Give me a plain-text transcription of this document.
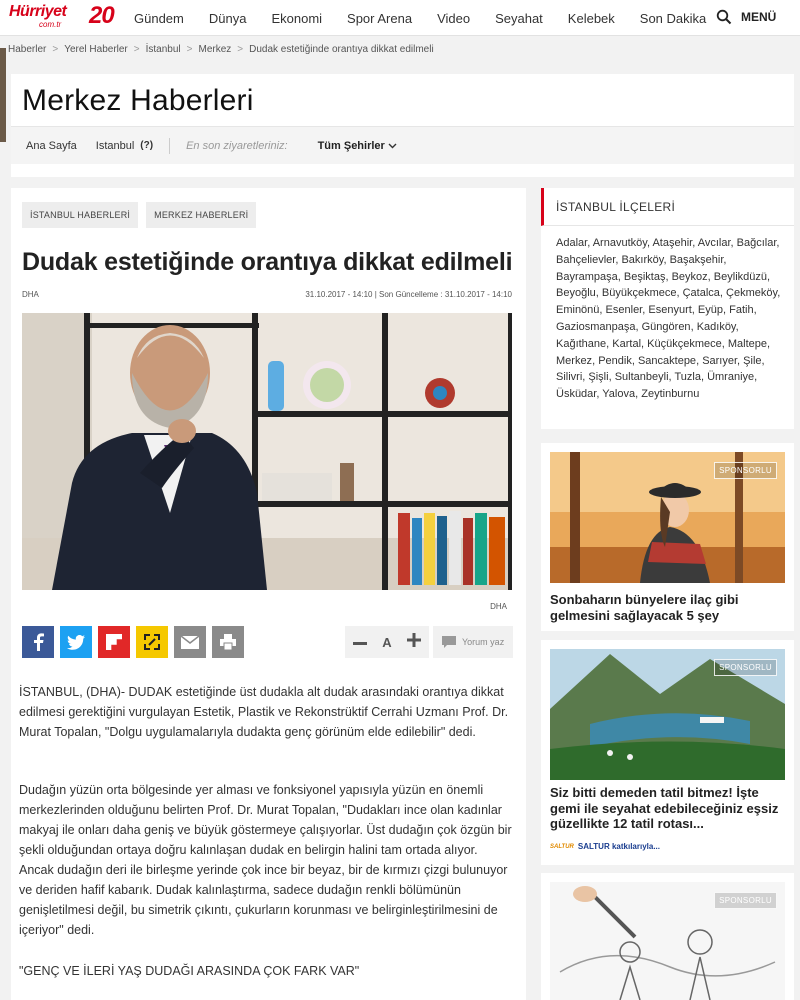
Hürriyet
com.tr 20 Gündem Dünya Ekonomi Spor Arena Video Seyahat Kelebek Son Dakika	MENÜ
Haberler > Yerel Haberler > İstanbul > Merkez > Dudak estetiğinde orantıya dikkat edilmeli
Merkez Haberleri
Ana Sayfa Istanbul (?)	En son ziyaretleriniz:	Tüm Şehirler
İSTANBUL HABERLERİ	MERKEZ HABERLERİ
Dudak estetiğinde orantıya dikkat edilmeli
DHA	31.10.2017 - 14:10 | Son Güncelleme : 31.10.2017 - 14:10
DHA
A	Yorum yaz

İSTANBUL, (DHA)- DUDAK estetiğinde üst dudakla alt dudak arasındaki orantıya dikkat edilmesi gerektiğini vurgulayan Estetik, Plastik ve Rekonstrüktif Cerrahi Uzmanı Prof. Dr. Murat Topalan, "Dolgu uygulamalarıyla dudakta genç görünüm elde edilebilir" dedi.

Dudağın yüzün orta bölgesinde yer alması ve fonksiyonel yapısıyla yüzün en önemli merkezlerinden olduğunu belirten Prof. Dr. Murat Topalan, "Dudakları ince olan kadınlar makyaj ile onları daha geniş ve büyük göstermeye çalışıyorlar. Üst dudağın çok özgün bir şekli olduğundan ortaya doğru kalınlaşan dudak en belirgin halini tam ortada alıyor. Ancak dudağın deri ile birleşme yerinde çok ince bir beyaz, bir de kırmızı çizgi bulunuyor ve deriden hafif kabarık. Dudak kalınlaştırma, sadece dudağın renkli bölümünün genişletilmesi değil, bu simetrik çıkıntı, çukurların korunması ve belirginleştirilmesini de içeriyor" dedi.

"GENÇ VE İLERİ YAŞ DUDAĞI ARASINDA ÇOK FARK VAR"

İSTANBUL İLÇELERİ
Adalar, Arnavutköy, Ataşehir, Avcılar, Bağcılar, Bahçelievler, Bakırköy, Başakşehir, Bayrampaşa, Beşiktaş, Beykoz, Beylikdüzü, Beyoğlu, Büyükçekmece, Çatalca, Çekmeköy, Eminönü, Esenler, Esenyurt, Eyüp, Fatih, Gaziosmanpaşa, Güngören, Kadıköy, Kağıthane, Kartal, Küçükçekmece, Maltepe, Merkez, Pendik, Sancaktepe, Sarıyer, Şile, Silivri, Şişli, Sultanbeyli, Tuzla, Ümraniye, Üsküdar, Yalova, Zeytinburnu
SPONSORLU
Sonbaharın bünyelere ilaç gibi gelmesini sağlayacak 5 şey
SPONSORLU
Siz bitti demeden tatil bitmez! İşte gemi ile seyahat edebileceğiniz eşsiz güzellikte 12 tatil rotası...
SALTUR SALTUR katkılarıyla...
SPONSORLU
